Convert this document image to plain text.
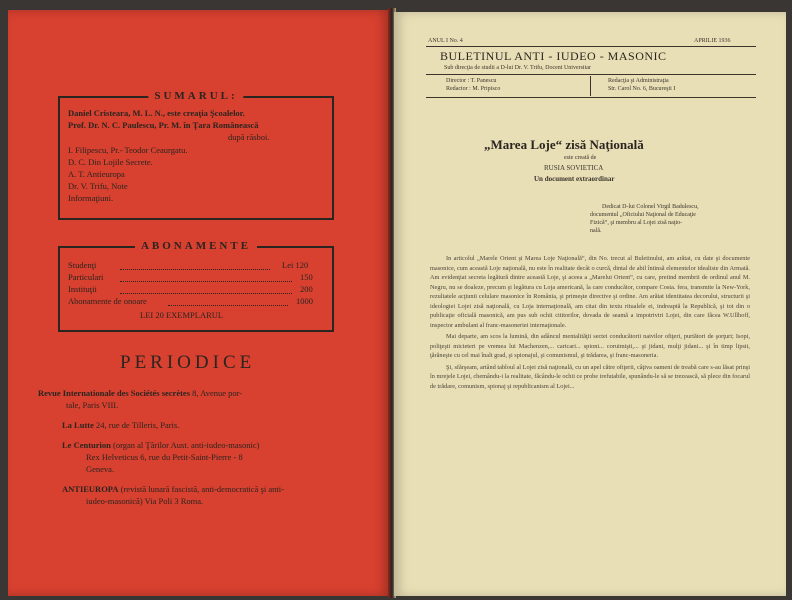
SUMARUL:
Daniel Cristeara, M. L. N., este creaţia Şcoalelor.
Prof. Dr. N. C. Paulescu, Pr. M. în Ţara Românească
după răsboi.
I. Filipescu, Pr.- Teodor Ceaurgatu.
D. C. Din Lojile Secrete.
A. T. Antieuropa
Dr. V. Trifu, Note
Informaţiuni.
ABONAMENTE
Studenţi	Lei 120
Particulari	150
Instituţii	200
Abonamente de onoare	1000
LEI 20 EXEMPLARUL
PERIODICE
Revue Internationale des Sociétés secrètes 8, Avenue por-
tale, Paris VIII.
La Lutte 24, rue de Tilleris, Paris.
Le Centurion (organ al Ţărilor Aust. anti-iudeo-masonic)
Rex Helveticus 6, rue du Petit-Saint-Pierre - 8
Geneva.
ANTIEUROPA (revistă lunară fascistă, anti-democratică şi anti-
iudeo-masonică) Via Poli 3 Roma.
ANUL I No. 4	APRILIE 1936
BULETINUL ANTI - IUDEO - MASONIC
Sub direcţia de studii a D-lui Dr. V. Trifu, Docent Universitar
Director : T. Panescu
Redactor : M. Pripisco
Redacţia şi Administraţia
Str. Carol No. 6, Bucureşti I
„Marea Loje“ zisă Naţională
este creată de
RUSIA SOVIETICA
Un document extraordinar
Dedicat D-lui Colonel Virgil Badulescu,
documentul „Oficiului Naţional de Educaţie
Fizică“, şi membru al Lojei zisă naţio-
nală.

In articolul „Marele Orient şi Marea Loje Naţională“, din No. trecut al Buletinului, am arătat, cu date şi documente masonice, cum această Loje naţională, nu este în realitate decât o curcă, dintal de abil întinsă elementelor idealiste din Armată. Am evidenţiat secreta legătură dintre această Loje, şi aceea a „Marelui Orient“, cu care, pretind membrii de ordinul anul M. Negru, nu se doaleze, precum şi legătura cu Loja americană, la care conducător, compare Costa. fera, transmite la New-York, rezultatele acţiunii celulare masonice în România, şi primeşte directive şi ordine. Am arătat identitatea decorului, structurii şi ideologiei Lojei zisă naţională, cu Loja internaţională, am citat din textu ritualele ei, indreaptă la Republică, şi tot din o publicaţie oficială masonică, am pus sub ochii cititorilor, dovada de seamă a impotriviri Lojei, din care făcea W.Ullhoff, inspector ambulant al franc-masoneriei internaţionale.

Mai departe, am scos la lumină, din adâncul mentalităţii sectei conducătorii naivilor ofiţeri, purtători de şorţuri; Isopi, poliţeşti micieteri pe vremea lui Machenzen,... caricari... spioni... coruimişti,... şi jidani, mulţi jidani... şi în timp lipsit, ţărăneşte cu cel mai înalt grad, şi spionajul, şi comunismul, şi trădarea, şi franc-masoneria.

Şi, sfărşeam, artând tabloul al Lojei zisă naţională, cu un apel către ofiţerii, câţiva oameni de treabă care s-au lăsat prinşi în mrejele Lojei, chemându-i la realitate, făcându-le ochii ce probe irefutabile, spunându-le să se trezească, să plece din focarul de trădare, comunism, spionaj şi republicanism al Lojei...
